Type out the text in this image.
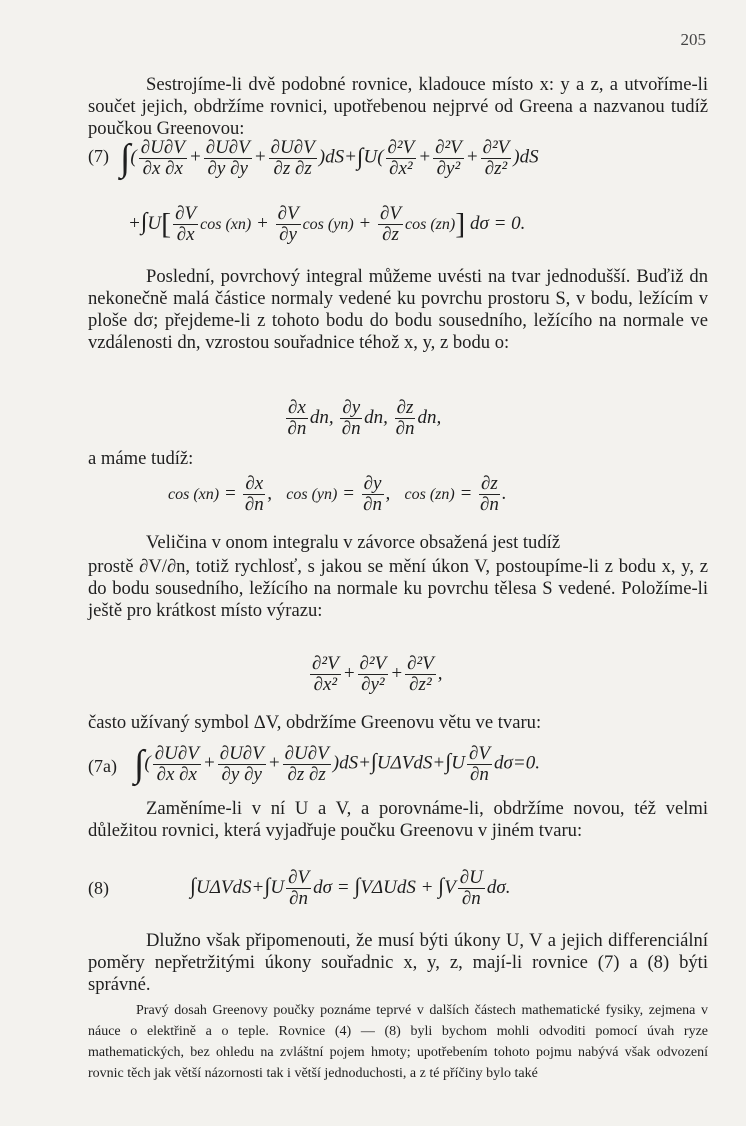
205
Sestrojíme-li dvě podobné rovnice, kladouce místo x: y a z, a utvoříme-li součet jejich, obdržíme rovnici, upotřebenou nejprvé od Greena a nazvanou tudíž poučkou Greenovou:
(7) ∫( $\frac{\partial U\partial V}{\partial x \partial x} + \frac{\partial U\partial V}{\partial y \partial y} + \frac{\partial U\partial V}{\partial z \partial z} )dS+\int U( \frac{\text{∂²V}}{\text{∂x²}} + \frac{\text{∂²V}}{\text{∂y²}} + \frac{\text{∂²V}}{\text{∂z²}} )dS$
$+\int U[ \frac{\partial V}{\partial x}$ $\cos (xn) + \frac{\partial V}{\partial y}$ $\cos (yn) + \frac{\partial V}{\partial z}$ cos (zn)] dσ = 0.
Poslední, povrchový integral můžeme uvésti na tvar jednodušší. Buďiž dn nekonečně malá částice normaly vedené ku povrchu prostoru S, v bodu, ležícím v ploše dσ; přejdeme-li z tohoto bodu do bodu sousedního, ležícího na normale ve vzdálenosti dn, vzrostou souřadnice téhož x, y, z bodu o:
$\frac{\partial x}{\partial n}$ dn, $\frac{\partial y}{\partial n}$ dn, $\frac{\partial z}{\partial n}$ dn,
a máme tudíž:
$\cos (xn) = \frac{\partial x}{\partial n}$ ,   $\cos (yn) = \frac{\partial y}{\partial n}$ ,   $\cos (zn) = \frac{\partial z}{\partial n}$ .
Veličina v onom integralu v závorce obsažená jest tudíž
prostě ∂V/∂n, totiž rychlosť, s jakou se mění úkon V, postoupíme-li z bodu x, y, z do bodu sousedního, ležícího na normale ku povrchu tělesa S vedené. Položíme-li ještě pro krátkost místo výrazu:
$\frac{\text{∂²V}}{\text{∂x²}} + \frac{\text{∂²V}}{\text{∂y²}} + \frac{\text{∂²V}}{\text{∂z²}}$ ,
často užívaný symbol ΔV, obdržíme Greenovu větu ve tvaru:
(7a) ∫( $\frac{\partial U\partial V}{\partial x \partial x} + \frac{\partial U\partial V}{\partial y \partial y} + \frac{\partial U\partial V}{\partial z \partial z} )dS+\int U\Delta VdS+\int U \frac{\partial V}{\partial n} d\sigma=0$.
Zaměníme-li v ní U a V, a porovnáme-li, obdržíme novou, též velmi důležitou rovnici, která vyjadřuje poučku Greenovu v jiném tvaru:
(8)	$\int U\Delta VdS+\int U \frac{\partial V}{\partial n}$ $d\sigma = \int V\Delta UdS + \int V \frac{\partial U}{\partial n} d\sigma$.
Dlužno však připomenouti, že musí býti úkony U, V a jejich differenciální poměry nepřetržitými úkony souřadnic x, y, z, mají-li rovnice (7) a (8) býti správné.
Pravý dosah Greenovy poučky poznáme teprvé v dalších částech mathematické fysiky, zejmena v náuce o elektřině a o teple. Rovnice (4) — (8) byli bychom mohli odvoditi pomocí úvah ryze mathematických, bez ohledu na zvláštní pojem hmoty; upotřebením tohoto pojmu nabývá však odvození rovnic těch jak větší názornosti tak i větší jednoduchosti, a z té příčiny bylo také
